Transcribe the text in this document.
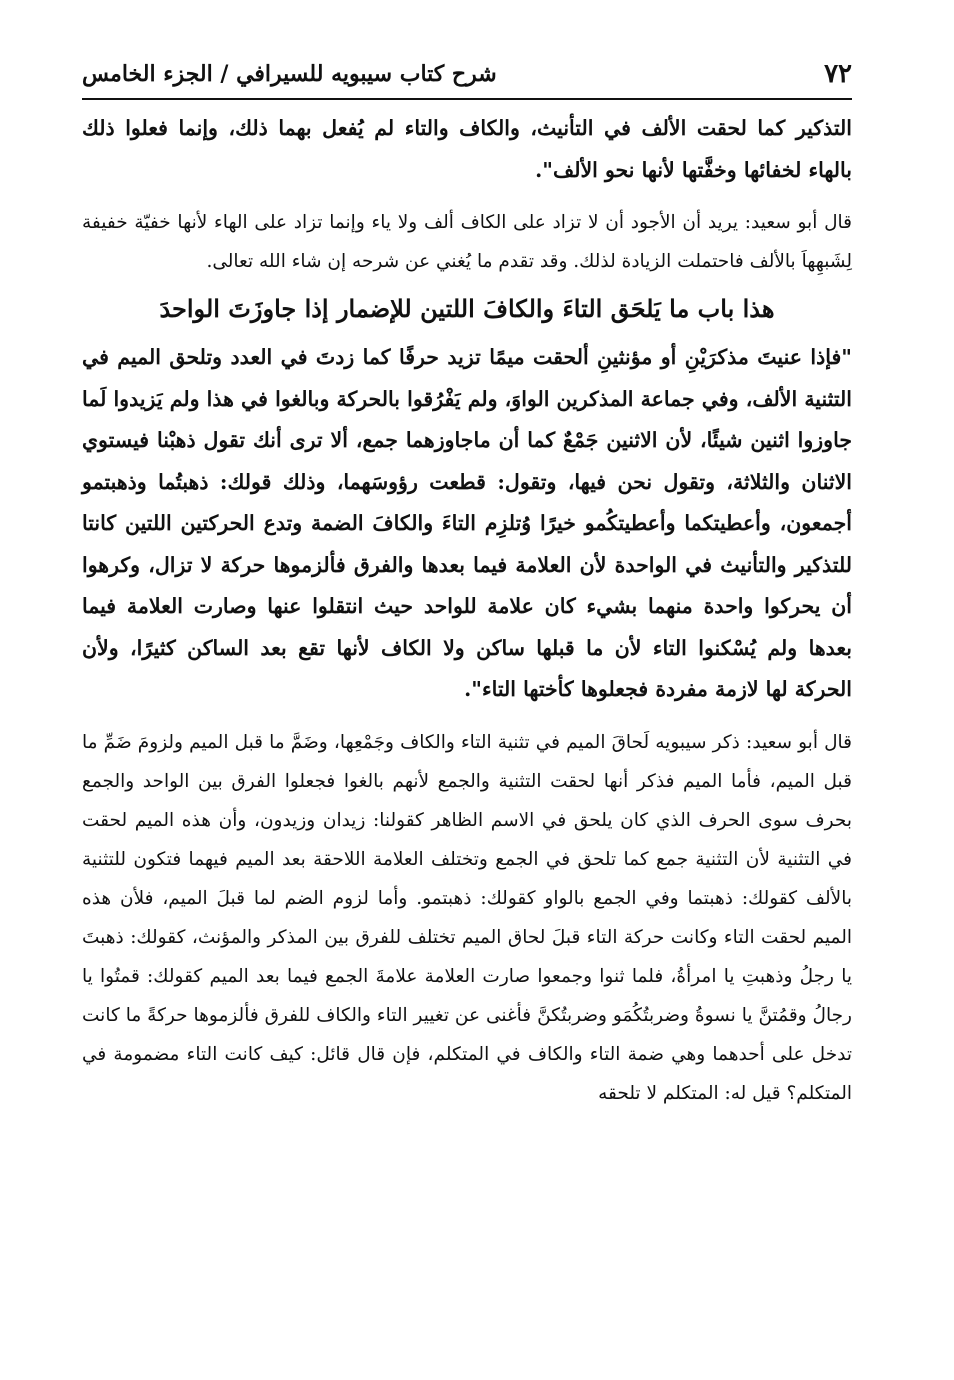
٧٢
شرح كتاب سيبويه للسيرافي / الجزء الخامس

التذكير كما لحقت الألف في التأنيث، والكاف والتاء لم يُفعل بهما ذلك، وإنما فعلوا ذلك بالهاء لخفائها وخفَّتها لأنها نحو الألف".

قال أبو سعيد: يريد أن الأجود أن لا تزاد على الكاف ألف ولا ياء وإنما تزاد على الهاء لأنها خفيّة خفيفة لِشَبهِهاَ بالألف فاحتملت الزيادة لذلك. وقد تقدم ما يُغني عن شرحه إن شاء الله تعالى.

هذا باب ما يَلحَق التاءَ والكافَ اللتين للإضمار إذا جاوزَتَ الواحدَ

"فإذا عنيتَ مذكرَيْنِ أو مؤنثينِ ألحقت ميمًا تزيد حرفًا كما زدتَ في العدد وتلحق الميم في التثنية الألف، وفي جماعة المذكرين الواوَ، ولم يَفْرُقوا بالحركة وبالغوا في هذا ولم يَزيدوا لَما جاوزوا اثنين شيئًا، لأن الاثنين جَمْعٌ كما أن ماجاوزهما جمع، ألا ترى أنك تقول ذهبْنا فيستوي الاثنان والثلاثة، وتقول نحن فيها، وتقول: قطعت رؤوسَهما، وذلك قولك: ذهبتُما وذهبتمو أجمعون، وأعطيتكما وأعطيتكُمو خيرًا وُتلزِم التاءَ والكافَ الضمة وتدع الحركتين اللتين كانتا للتذكير والتأنيث في الواحدة لأن العلامة فيما بعدها والفرق فألزموها حركة لا تزال، وكرهوا أن يحركوا واحدة منهما بشيء كان علامة للواحد حيث انتقلوا عنها وصارت العلامة فيما بعدها ولم يُسْكنوا التاء لأن ما قبلها ساكن ولا الكاف لأنها تقع بعد الساكن كثيرًا، ولأن الحركة لها لازمة مفردة فجعلوها كأختها التاء".

قال أبو سعيد: ذكر سيبويه لَحاقَ الميم في تثنية التاء والكاف وجَمْعِها، وضَمَّ ما قبل الميم ولزومَ ضَمِّ ما قبل الميم، فأما الميم فذكر أنها لحقت التثنية والجمع لأنهم بالغوا فجعلوا الفرق بين الواحد والجمع بحرف سوى الحرف الذي كان يلحق في الاسم الظاهر كقولنا: زيدان وزيدون، وأن هذه الميم لحقت في التثنية لأن التثنية جمع كما تلحق في الجمع وتختلف العلامة اللاحقة بعد الميم فيهما فتكون للتثنية بالألف كقولك: ذهبتما وفي الجمع بالواو كقولك: ذهبتمو. وأما لزوم الضم لما قبلَ الميم، فلأن هذه الميم لحقت التاء وكانت حركة التاء قبلَ لحاق الميم تختلف للفرق بين المذكر والمؤنث، كقولك: ذهبتَ يا رجلُ وذهبتِ يا امرأةُ، فلما ثنوا وجمعوا صارت العلامة علامةَ الجمع فيما بعد الميم كقولك: قمتُوا يا رجالُ وقمُتنَّ يا نسوةُ وضربتُكُمَو وضربتُكنَّ فأغنى عن تغيير التاء والكاف للفرق فألزموها حركةً ما كانت تدخل على أحدهما وهي ضمة التاء والكاف في المتكلم، فإن قال قائل: كيف كانت التاء مضمومة في المتكلم؟ قيل له: المتكلم لا تلحقه
